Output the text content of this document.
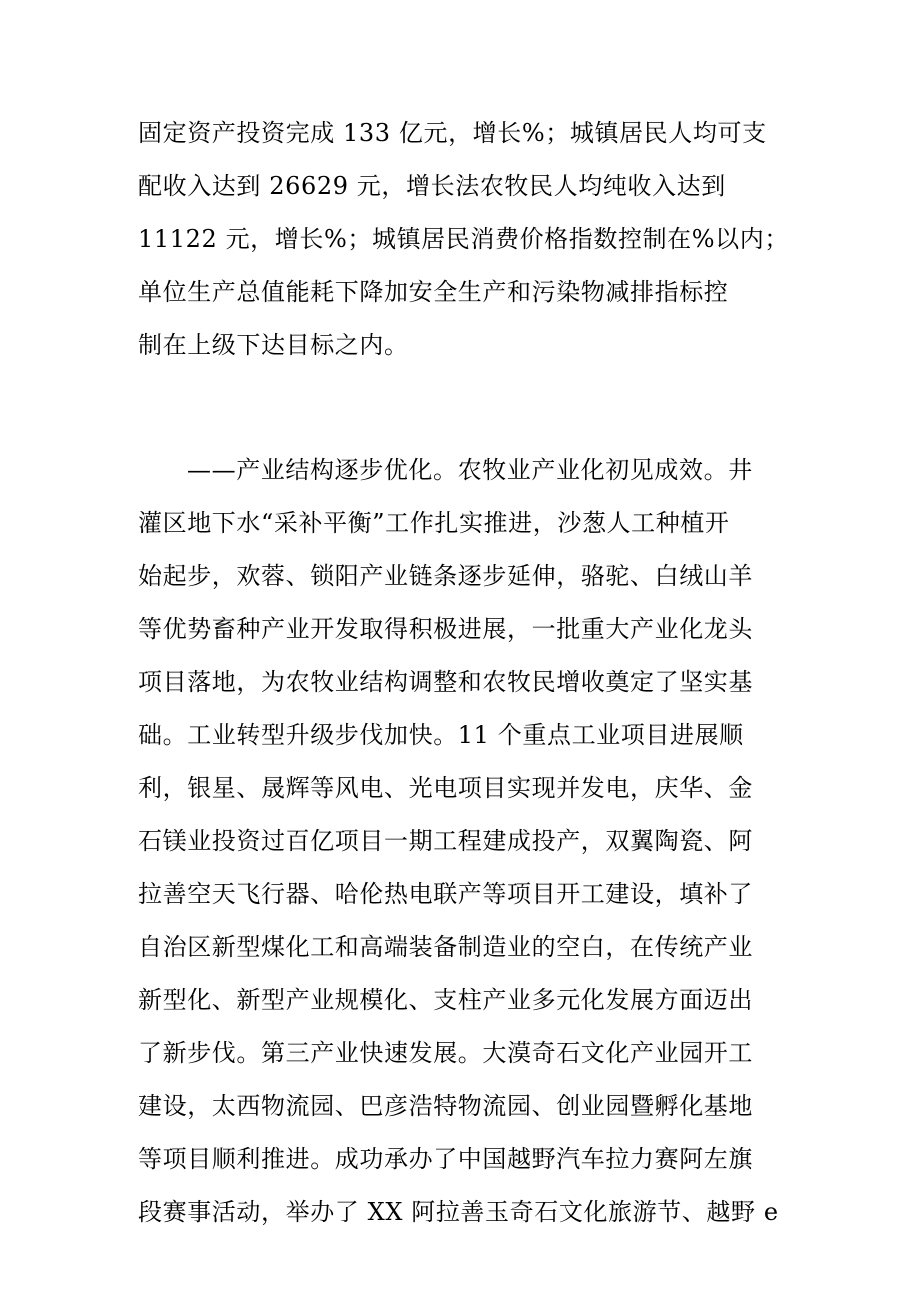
固定资产投资完成 133 亿元，增长%；城镇居民人均可支
配收入达到 26629 元，增长法农牧民人均纯收入达到
11122 元，增长%；城镇居民消费价格指数控制在%以内；
单位生产总值能耗下降加安全生产和污染物减排指标控
制在上级下达目标之内。
——产业结构逐步优化。农牧业产业化初见成效。井
灌区地下水“采补平衡”工作扎实推进，沙葱人工种植开
始起步，欢蓉、锁阳产业链条逐步延伸，骆驼、白绒山羊
等优势畜种产业开发取得积极进展，一批重大产业化龙头
项目落地，为农牧业结构调整和农牧民增收奠定了坚实基
础。工业转型升级步伐加快。11 个重点工业项目进展顺
利，银星、晟辉等风电、光电项目实现并发电，庆华、金
石镁业投资过百亿项目一期工程建成投产，双翼陶瓷、阿
拉善空天飞行器、哈伦热电联产等项目开工建设，填补了
自治区新型煤化工和高端装备制造业的空白，在传统产业
新型化、新型产业规模化、支柱产业多元化发展方面迈出
了新步伐。第三产业快速发展。大漠奇石文化产业园开工
建设，太西物流园、巴彦浩特物流园、创业园暨孵化基地
等项目顺利推进。成功承办了中国越野汽车拉力赛阿左旗
段赛事活动，举办了 XX 阿拉善玉奇石文化旅游节、越野 e
